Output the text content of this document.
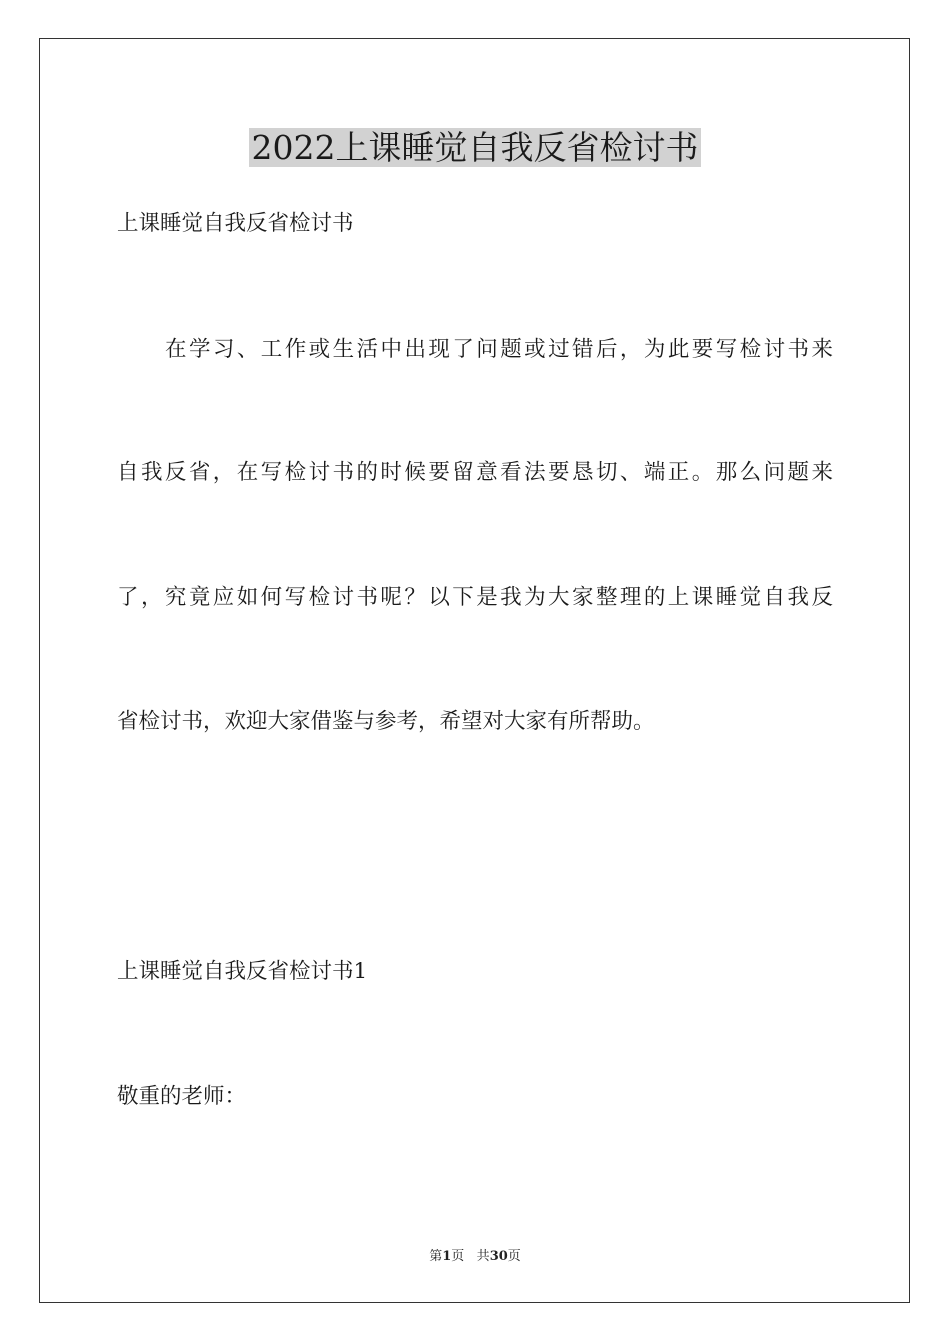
2022上课睡觉自我反省检讨书

上课睡觉自我反省检讨书

在学习、工作或生活中出现了问题或过错后，为此要写检讨书来

自我反省，在写检讨书的时候要留意看法要恳切、端正。那么问题来

了，究竟应如何写检讨书呢？以下是我为大家整理的上课睡觉自我反

省检讨书，欢迎大家借鉴与参考，希望对大家有所帮助。

上课睡觉自我反省检讨书1

敬重的老师：

第1页 共30页
